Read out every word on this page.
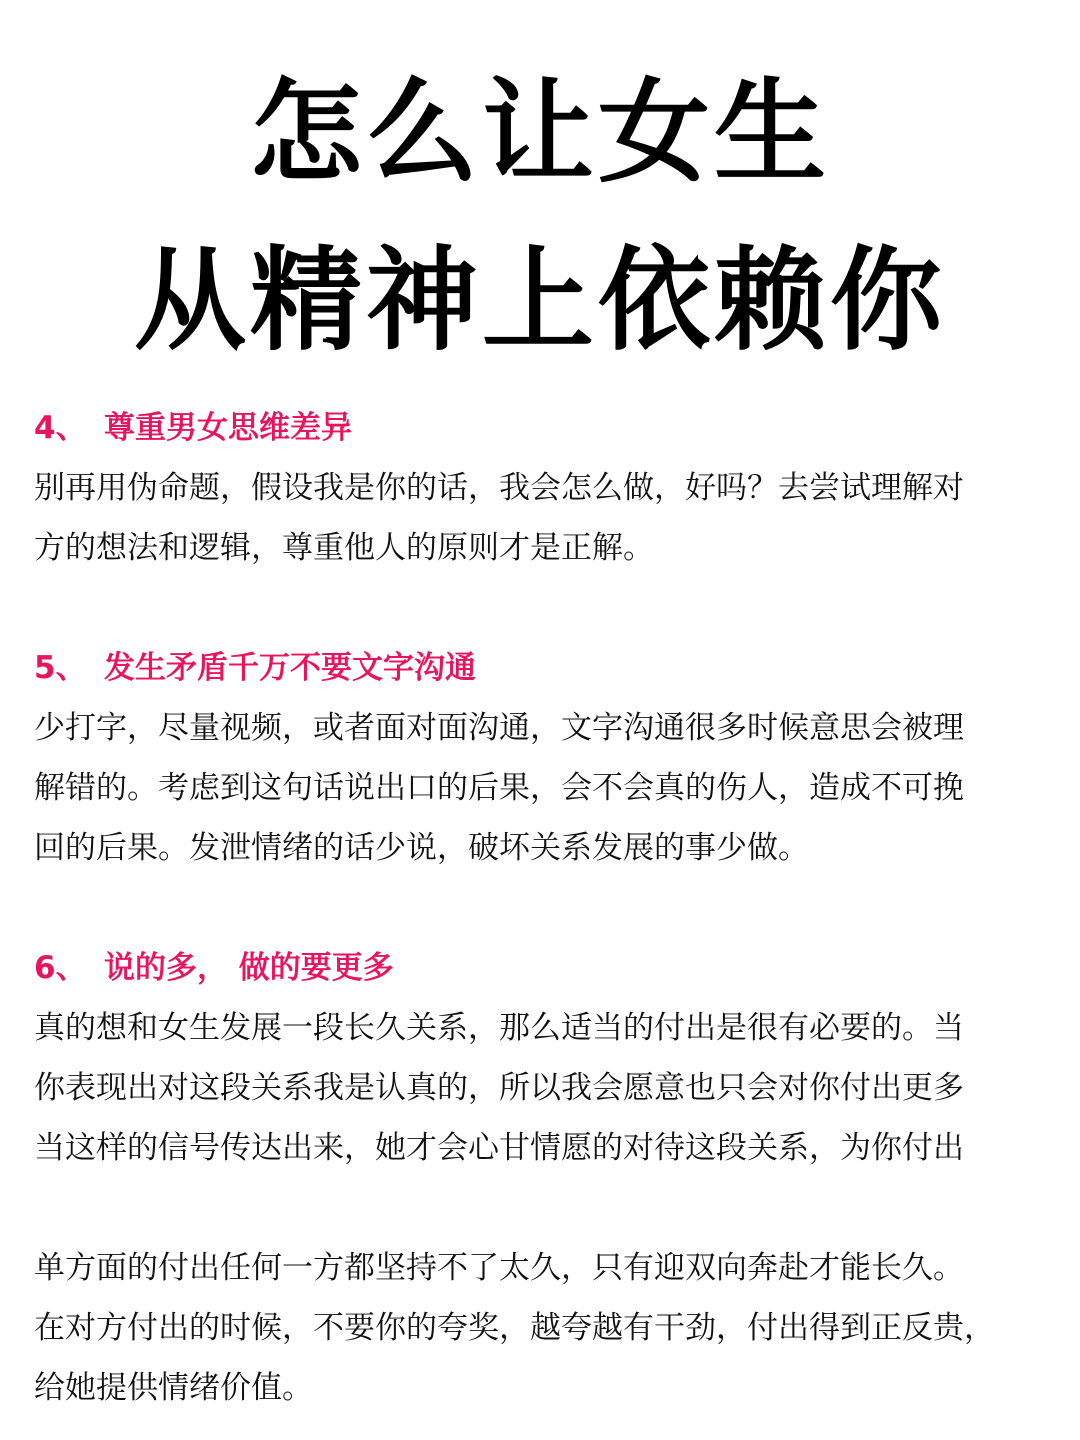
怎么让女生
从精神上依赖你
4、 尊重男女思维差异
别再用伪命题，假设我是你的话，我会怎么做，好吗？去尝试理解对
方的想法和逻辑，尊重他人的原则才是正解。
5、 发生矛盾千万不要文字沟通
少打字，尽量视频，或者面对面沟通，文字沟通很多时候意思会被理
解错的。考虑到这句话说出口的后果，会不会真的伤人，造成不可挽
回的后果。发泄情绪的话少说，破坏关系发展的事少做。
6、 说的多， 做的要更多
真的想和女生发展一段长久关系，那么适当的付出是很有必要的。当
你表现出对这段关系我是认真的，所以我会愿意也只会对你付出更多
当这样的信号传达出来，她才会心甘情愿的对待这段关系，为你付出
单方面的付出任何一方都坚持不了太久，只有迎双向奔赴才能长久。
在对方付出的时候，不要你的夸奖，越夸越有干劲，付出得到正反贵，
给她提供情绪价值。
